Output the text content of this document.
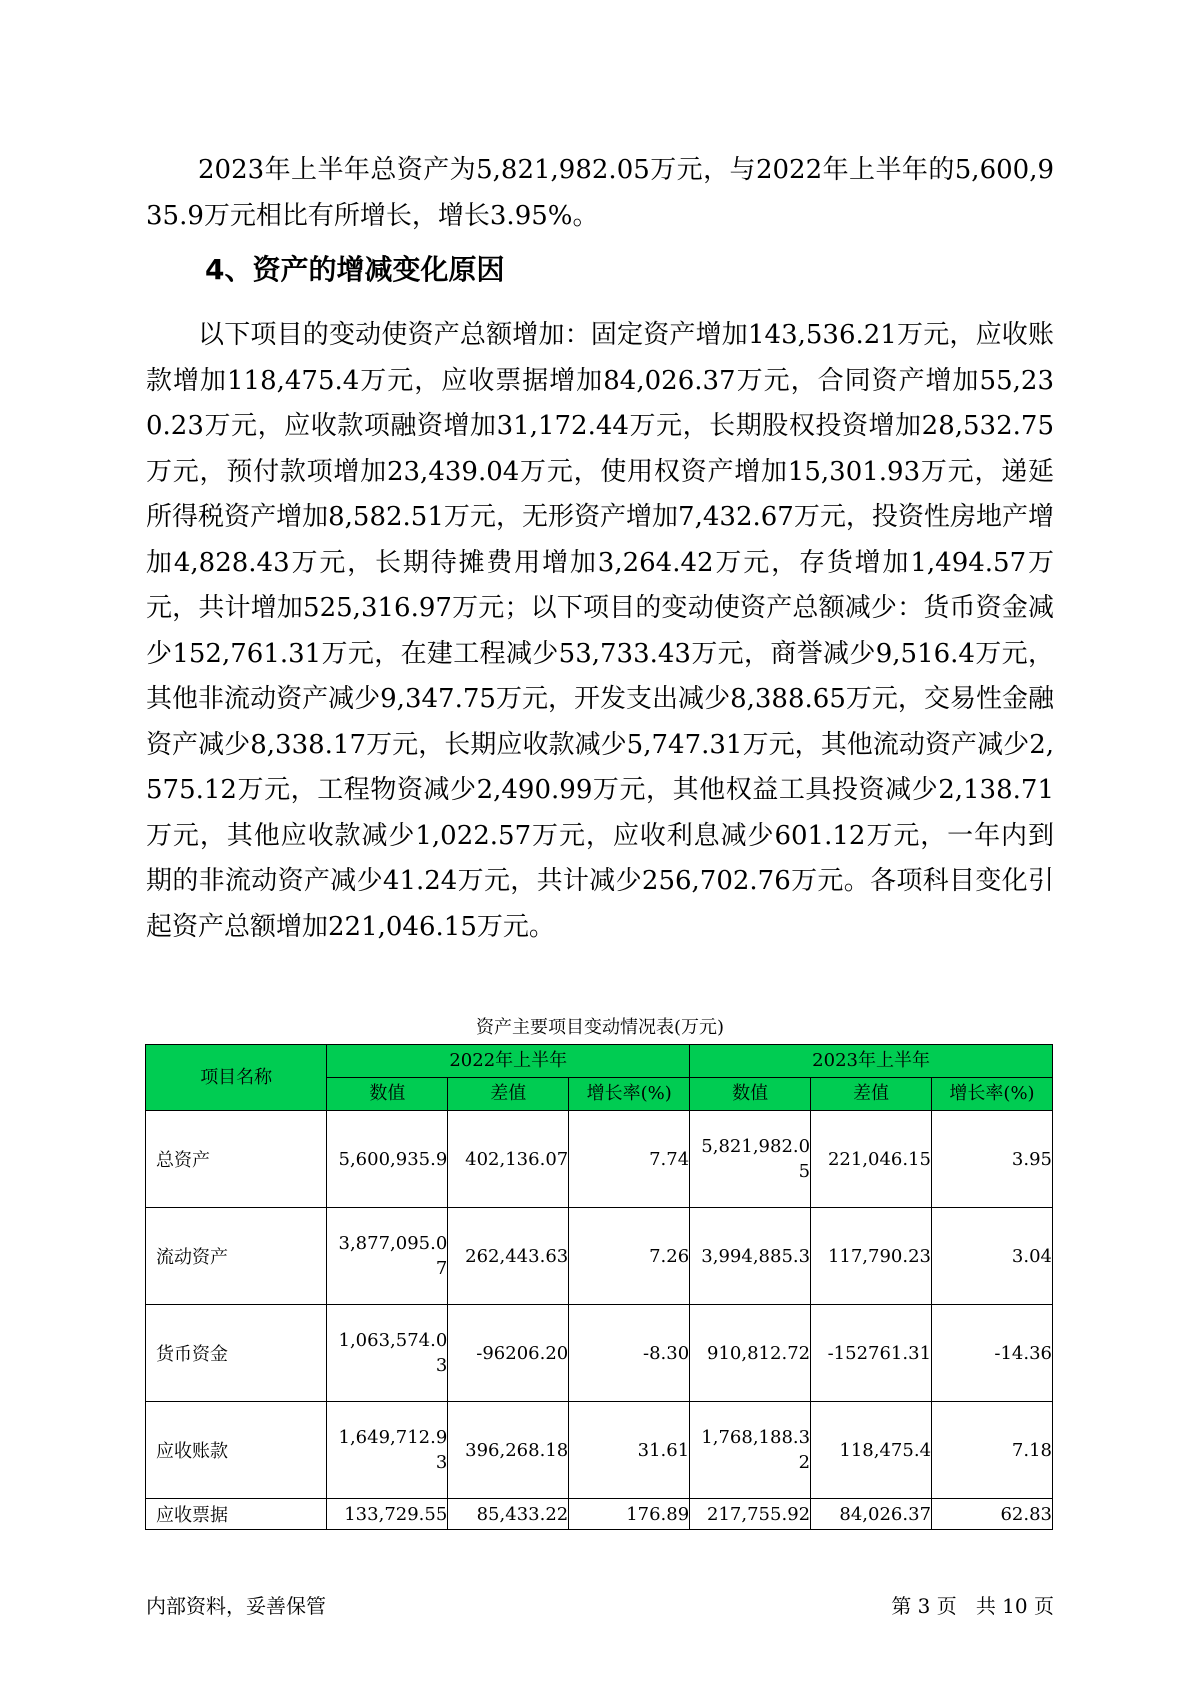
2023年上半年总资产为5,821,982.05万元，与2022年上半年的5,600,935.9万元相比有所增长，增长3.95%。

4、资产的增减变化原因

以下项目的变动使资产总额增加：固定资产增加143,536.21万元，应收账款增加118,475.4万元，应收票据增加84,026.37万元，合同资产增加55,230.23万元，应收款项融资增加31,172.44万元，长期股权投资增加28,532.75万元，预付款项增加23,439.04万元，使用权资产增加15,301.93万元，递延所得税资产增加8,582.51万元，无形资产增加7,432.67万元，投资性房地产增加4,828.43万元，长期待摊费用增加3,264.42万元，存货增加1,494.57万元，共计增加525,316.97万元；以下项目的变动使资产总额减少：货币资金减少152,761.31万元，在建工程减少53,733.43万元，商誉减少9,516.4万元，其他非流动资产减少9,347.75万元，开发支出减少8,388.65万元，交易性金融资产减少8,338.17万元，长期应收款减少5,747.31万元，其他流动资产减少2,575.12万元，工程物资减少2,490.99万元，其他权益工具投资减少2,138.71万元，其他应收款减少1,022.57万元，应收利息减少601.12万元，一年内到期的非流动资产减少41.24万元，共计减少256,702.76万元。各项科目变化引起资产总额增加221,046.15万元。

资产主要项目变动情况表(万元)
项目名称	2022年上半年			2023年上半年		
	数值	差值	增长率(%)	数值	差值	增长率(%)
总资产	5,600,935.9	402,136.07	7.74	5,821,982.05	221,046.15	3.95
流动资产	3,877,095.07	262,443.63	7.26	3,994,885.3	117,790.23	3.04
货币资金	1,063,574.03	-96206.20	-8.30	910,812.72	-152761.31	-14.36
应收账款	1,649,712.93	396,268.18	31.61	1,768,188.32	118,475.4	7.18
应收票据	133,729.55	85,433.22	176.89	217,755.92	84,026.37	62.83
内部资料，妥善保管	第 3 页   共 10 页
